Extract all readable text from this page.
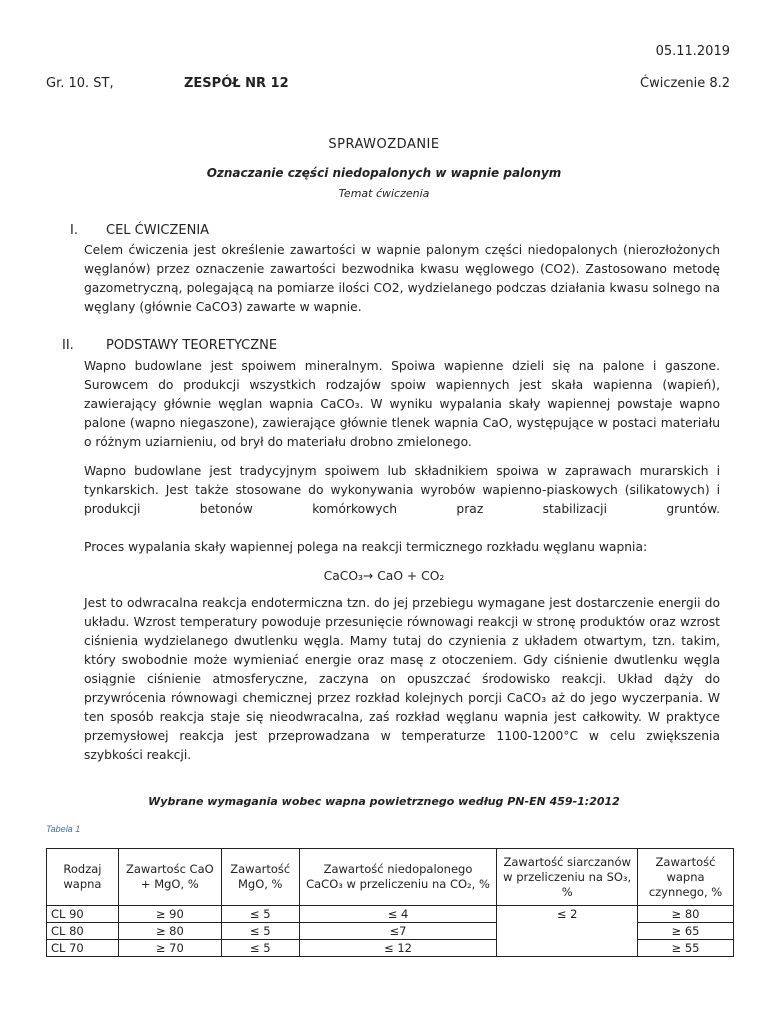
05.11.2019
Gr. 10. ST,	ZESPÓŁ NR 12	Ćwiczenie 8.2
SPRAWOZDANIE
Oznaczanie części niedopalonych w wapnie palonym
Temat ćwiczenia
I. CEL ĆWICZENIA
Celem ćwiczenia jest określenie zawartości w wapnie palonym części niedopalonych (nierozłożonych węglanów) przez oznaczenie zawartości bezwodnika kwasu węglowego (CO2). Zastosowano metodę gazometryczną, polegającą na pomiarze ilości CO2, wydzielanego podczas działania kwasu solnego na węglany (głównie CaCO3) zawarte w wapnie.
II. PODSTAWY TEORETYCZNE
Wapno budowlane jest spoiwem mineralnym. Spoiwa wapienne dzieli się na palone i gaszone. Surowcem do produkcji wszystkich rodzajów spoiw wapiennych jest skała wapienna (wapień), zawierający głównie węglan wapnia CaCO₃. W wyniku wypalania skały wapiennej powstaje wapno palone (wapno niegaszone), zawierające głównie tlenek wapnia CaO, występujące w postaci materiału o różnym uziarnieniu, od brył do materiału drobno zmielonego.
Wapno budowlane jest tradycyjnym spoiwem lub składnikiem spoiwa w zaprawach murarskich i tynkarskich. Jest także stosowane do wykonywania wyrobów wapienno-piaskowych (silikatowych) i produkcji betonów komórkowych praz stabilizacji gruntów.
Proces wypalania skały wapiennej polega na reakcji termicznego rozkładu węglanu wapnia:
CaCO₃→ CaO + CO₂
Jest to odwracalna reakcja endotermiczna tzn. do jej przebiegu wymagane jest dostarczenie energii do układu. Wzrost temperatury powoduje przesunięcie równowagi reakcji w stronę produktów oraz wzrost ciśnienia wydzielanego dwutlenku węgla. Mamy tutaj do czynienia z układem otwartym, tzn. takim, który swobodnie może wymieniać energie oraz masę z otoczeniem. Gdy ciśnienie dwutlenku węgla osiągnie ciśnienie atmosferyczne, zaczyna on opuszczać środowisko reakcji. Układ dąży do przywrócenia równowagi chemicznej przez rozkład kolejnych porcji CaCO₃ aż do jego wyczerpania. W ten sposób reakcja staje się nieodwracalna, zaś rozkład węglanu wapnia jest całkowity. W praktyce przemysłowej reakcja jest przeprowadzana w temperaturze 1100-1200°C w celu zwiększenia szybkości reakcji.
Wybrane wymagania wobec wapna powietrznego według PN-EN 459-1:2012
Tabela 1
Rodzaj wapna	Zawartośc CaO + MgO, %	Zawartość MgO, %	Zawartość niedopalonego CaCO₃ w przeliczeniu na CO₂, %	Zawartość siarczanów w przeliczeniu na SO₃, %	Zawartość wapna czynnego, %
CL 90	≥ 90	≤ 5	≤ 4	≤ 2	≥ 80
CL 80	≥ 80	≤ 5	≤7		≥ 65
CL 70	≥ 70	≤ 5	≤ 12		≥ 55
